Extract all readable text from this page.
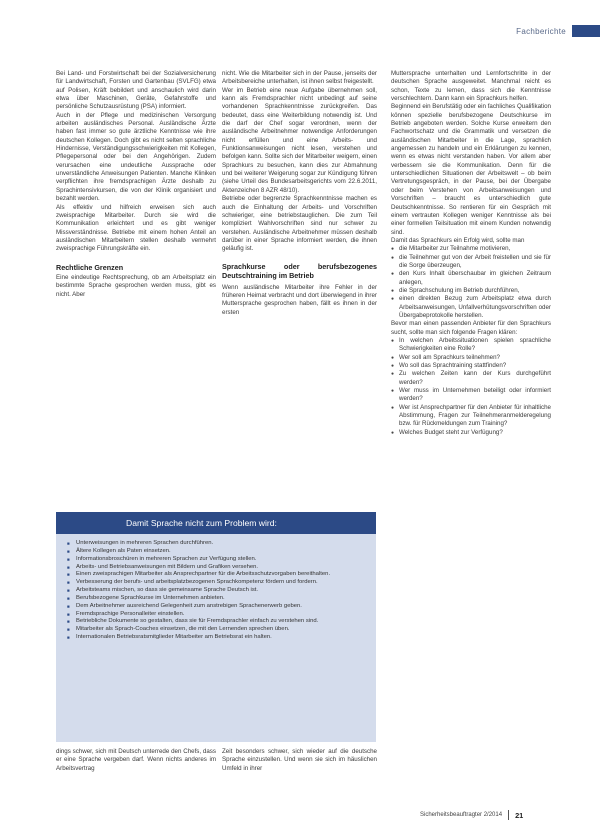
Fachberichte

Bei Land- und Forstwirtschaft bei der Sozialversicherung für Landwirtschaft, Forsten und Gartenbau (SVLFG) etwa auf Polisen, Kräft bebildert und anschaulich wird darin etwa über Maschinen, Geräte, Gefahrstoffe und persönliche Schutzausrüstung (PSA) informiert.

Auch in der Pflege und medizinischen Versorgung arbeiten ausländisches Personal. Ausländische Ärzte haben fast immer so gute ärztliche Kenntnisse wie ihre deutschen Kollegen. Doch gibt es nicht selten sprachliche Hindernisse, Verständigungsschwierigkeiten mit Kollegen, Pflegepersonal oder bei den Angehörigen. Zudem verursachen eine undeutliche Aussprache oder unverständliche Anweisungen Patienten. Manche Kliniken verpflichten ihre fremdsprachigen Ärzte deshalb zu Sprachintensivkursen, die von der Klinik organisiert und bezahlt werden.

Als effektiv und hilfreich erweisen sich auch zweisprachige Mitarbeiter. Durch sie wird die Kommunikation erleichtert und es gibt weniger Missverständnisse. Betriebe mit einem hohen Anteil an ausländischen Mitarbeitern stellen deshalb vermehrt zweisprachige Führungskräfte ein.

Rechtliche Grenzen

Eine eindeutige Rechtsprechung, ob am Arbeitsplatz ein bestimmte Sprache gesprochen werden muss, gibt es nicht. Aber

nicht. Wie die Mitarbeiter sich in der Pause, jenseits der Arbeitsbereiche unterhalten, ist ihnen selbst freigestellt.

Wer im Betrieb eine neue Aufgabe übernehmen soll, kann als Fremdsprachler nicht unbedingt auf seine vorhandenen Sprachkenntnisse zurückgreifen. Das bedeutet, dass eine Weiterbildung notwendig ist. Und die darf der Chef sogar verordnen, wenn der ausländische Arbeitnehmer notwendige Anforderungen nicht erfüllen und eine Arbeits- und Funktionsanweisungen nicht lesen, verstehen und befolgen kann. Sollte sich der Mitarbeiter weigern, einen Sprachkurs zu besuchen, kann dies zur Abmahnung und bei weiterer Weigerung sogar zur Kündigung führen (siehe Urteil des Bundesarbeitsgerichts vom 22.6.2011, Aktenzeichen 8 AZR 48/10).

Betriebe oder begrenzte Sprachkenntnisse machen es auch die Einhaltung der Arbeits- und Vorschriften schwieriger, eine betriebstauglichen. Die zum Teil kompliziert Wahlvorschriften sind nur schwer zu verstehen. Ausländische Arbeitnehmer müssen deshalb darüber in einer Sprache informiert werden, die ihnen geläufig ist.

Sprachkurse oder berufsbezogenes Deutschtraining im Betrieb

Wenn ausländische Mitarbeiter ihre Fehler in der früheren Heimat verbracht und dort überwiegend in ihrer Muttersprache gesprochen haben, fällt es ihnen in der ersten

Muttersprache unterhalten und Lernfortschritte in der deutschen Sprache ausgeweitet. Manchmal reicht es schon, Texte zu lernen, dass sich die Kenntnisse verschlechtern. Dann kann ein Sprachkurs helfen.

Beginnend ein Berufstätig oder ein fachliches Qualifikation können spezielle berufsbezogene Deutschkurse im Betrieb angeboten werden. Solche Kurse erweitern den Fachwortschatz und die Grammatik und versetzen die ausländischen Mitarbeiter in die Lage, sprachlich angemessen zu handeln und ein Erklärungen zu kennen, wenn es etwas nicht verstanden haben. Vor allem aber verbessern sie die Kommunikation. Denn für die unterschiedlichen Situationen der Arbeitswelt – ob beim Vertretungsgespräch, in der Pause, bei der Übergabe oder beim Verstehen von Arbeitsanweisungen und Vorschriften – braucht es unterschiedlich gute Deutschkenntnisse. So rentieren für ein Gespräch mit einem vertrauten Kollegen weniger Kenntnisse als bei einer formellen Teilsituation mit einem Kunden notwendig sind.

Damit das Sprachkurs ein Erfolg wird, sollte man

● die Mitarbeiter zur Teilnahme motivieren,
● die Teilnehmer gut von der Arbeit freistellen und sie für die Sorge überzeugen,
● den Kurs Inhalt überschaubar im gleichen Zeitraum anlegen,
● die Sprachschulung im Betrieb durchführen,
● einen direkten Bezug zum Arbeitsplatz etwa durch Arbeitsanweisungen, Unfallverhütungsvorschriften oder Übergabeprotokolle herstellen.

Bevor man einen passenden Anbieter für den Sprachkurs sucht, sollte man sich folgende Fragen klären:

● In welchen Arbeitssituationen spielen sprachliche Schwierigkeiten eine Rolle?
● Wer soll am Sprachkurs teilnehmen?
● Wo soll das Sprachtraining stattfinden?
● Zu welchen Zeiten kann der Kurs durchgeführt werden?
● Wer muss im Unternehmen beteiligt oder informiert werden?
● Wer ist Ansprechpartner für den Anbieter für inhaltliche Abstimmung, Fragen zur Teilnehmeranmelderegelung bzw. für Rückmeldungen zum Training?
● Welches Budget steht zur Verfügung?
Damit Sprache nicht zum Problem wird:
■ Unterweisungen in mehreren Sprachen durchführen.
■ Ältere Kollegen als Paten einsetzen.
■ Informationsbroschüren in mehreren Sprachen zur Verfügung stellen.
■ Arbeits- und Betriebsanweisungen mit Bildern und Grafiken versehen.
■ Einen zweisprachigen Mitarbeiter als Ansprechpartner für die Arbeitsschutzvorgaben bereithalten.
■ Verbesserung der berufs- und arbeitsplatzbezogenen Sprachkompetenz fördern und fordern.
■ Arbeitsteams mischen, so dass sie gemeinsame Sprache Deutsch ist.
■ Berufsbezogene Sprachkurse im Unternehmen anbieten.
■ Dem Arbeitnehmer ausreichend Gelegenheit zum anstrebigen Sprachenerwerb geben.
■ Fremdsprachige Personalleiter einstellen.
■ Betriebliche Dokumente so gestalten, dass sie für Fremdsprachler einfach zu verstehen sind.
■ Mitarbeiter als Sprach-Coaches einsetzen, die mit den Lernenden sprechen üben.
■ Internationalen Betriebsratsmitglieder Mitarbeiter am Betriebsrat ein halten.
dings schwer, sich mit Deutsch unterrede den Chefs, dass er eine Sprache vergeben darf. Wenn nichts anderes im Arbeitsvertrag
Zeit besonders schwer, sich wieder auf die deutsche Sprache einzustellen. Und wenn sie sich im häuslichen Umfeld in ihrer
Sicherheitsbeauftragter 2/2014 21
